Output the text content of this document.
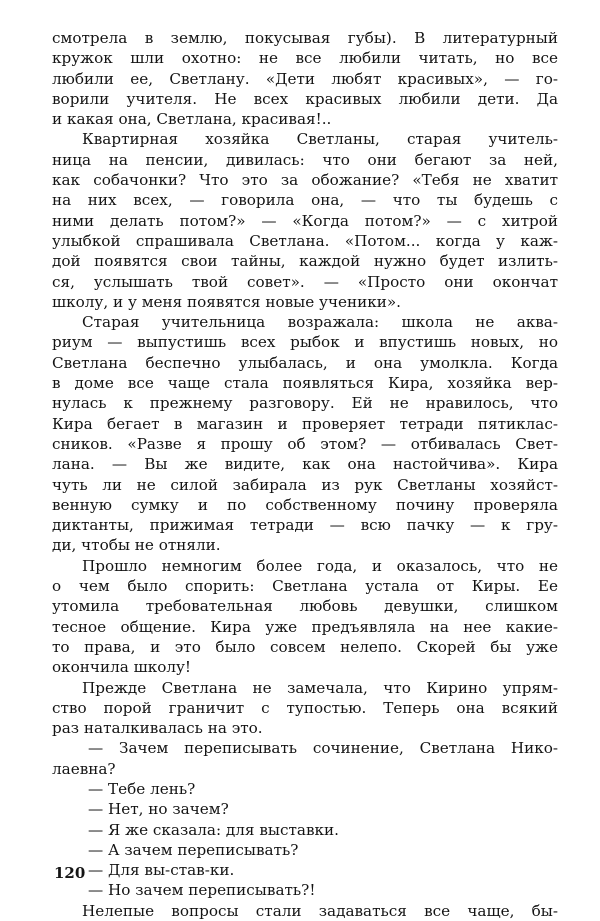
смотрела в землю, покусывая губы). В литературный
кружок шли охотно: не все любили читать, но все
любили ее, Светлану. «Дети любят красивых», — го-
ворили учителя. Не всех красивых любили дети. Да
и какая она, Светлана, красивая!..
Квартирная хозяйка Светланы, старая учитель-
ница на пенсии, дивилась: что они бегают за ней,
как собачонки? Что это за обожание? «Тебя не хватит
на них всех, — говорила она, — что ты будешь с
ними делать потом?» — «Когда потом?» — с хитрой
улыбкой спрашивала Светлана. «Потом... когда у каж-
дой появятся свои тайны, каждой нужно будет излить-
ся, услышать твой совет». — «Просто они окончат
школу, и у меня появятся новые ученики».
Старая учительница возражала: школа не аква-
риум — выпустишь всех рыбок и впустишь новых, но
Светлана беспечно улыбалась, и она умолкла. Когда
в доме все чаще стала появляться Кира, хозяйка вер-
нулась к прежнему разговору. Ей не нравилось, что
Кира бегает в магазин и проверяет тетради пятиклас-
сников. «Разве я прошу об этом? — отбивалась Свет-
лана. — Вы же видите, как она настойчива». Кира
чуть ли не силой забирала из рук Светланы хозяйст-
венную сумку и по собственному почину проверяла
диктанты, прижимая тетради — всю пачку — к гру-
ди, чтобы не отняли.
Прошло немногим более года, и оказалось, что не
о чем было спорить: Светлана устала от Киры. Ее
утомила требовательная любовь девушки, слишком
тесное общение. Кира уже предъявляла на нее какие-
то права, и это было совсем нелепо. Скорей бы уже
окончила школу!
Прежде Светлана не замечала, что Кирино упрям-
ство порой граничит с тупостью. Теперь она всякий
раз наталкивалась на это.
— Зачем переписывать сочинение, Светлана Нико-
лаевна?
— Тебе лень?
— Нет, но зачем?
— Я же сказала: для выставки.
— А зачем переписывать?
— Для вы-став-ки.
— Но зачем переписывать?!
Нелепые вопросы стали задаваться все чаще, бы-
120
